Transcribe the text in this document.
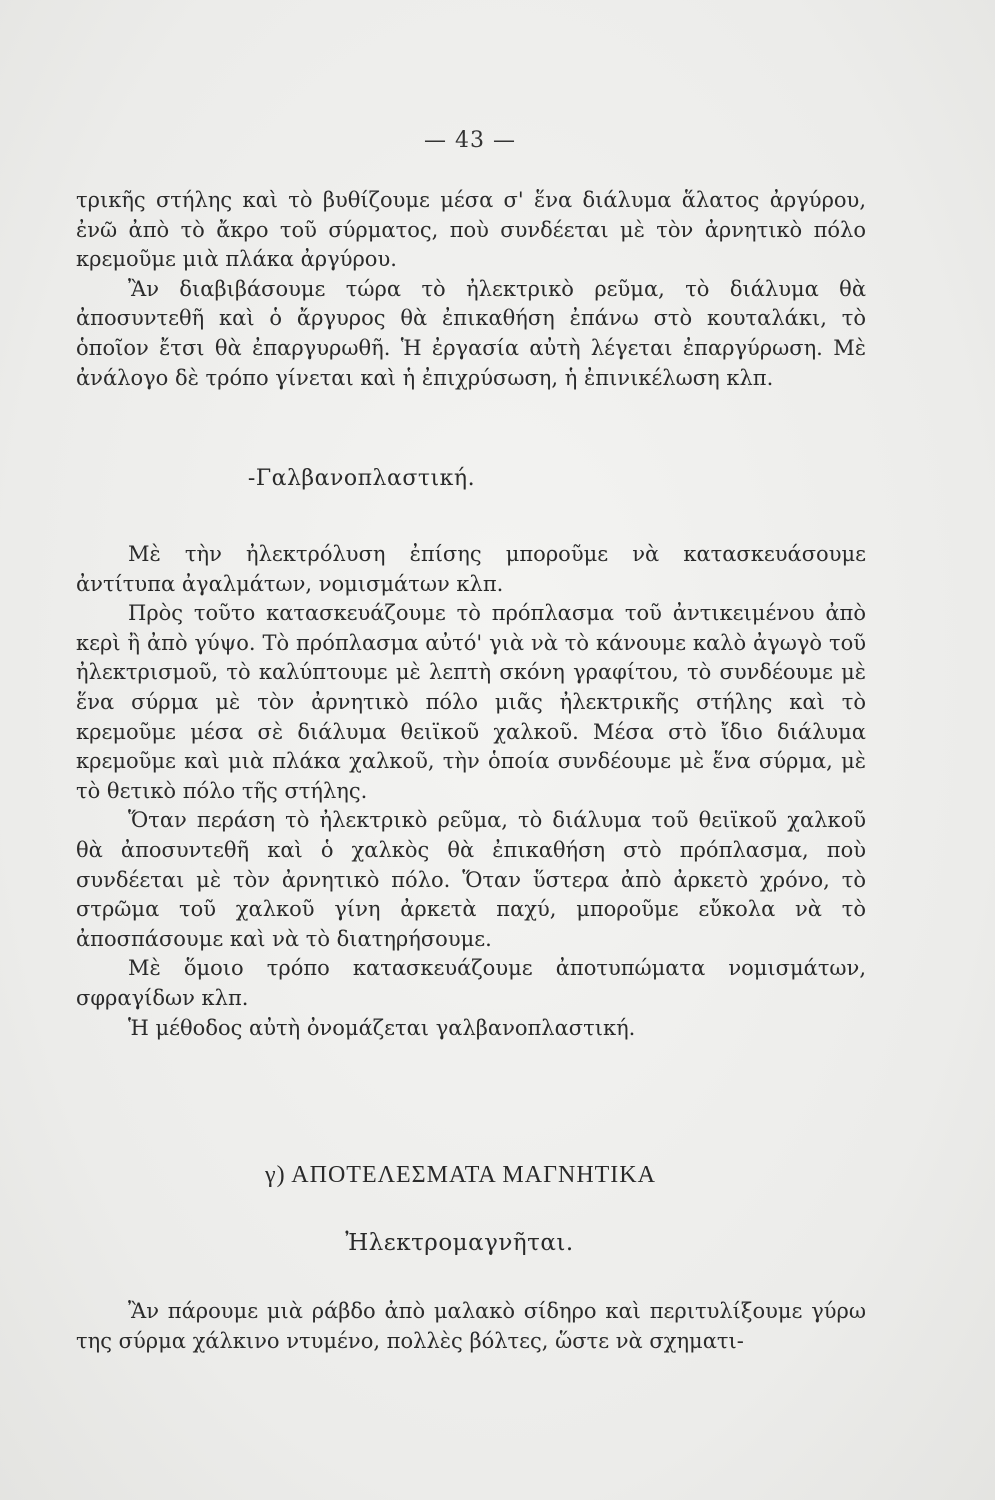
— 43 —

τρικῆς στήλης καὶ τὸ βυθίζουμε μέσα σ' ἕνα διάλυμα ἅλατος ἀργύρου, ἐνῶ ἀπὸ τὸ ἄκρο τοῦ σύρματος, ποὺ συνδέεται μὲ τὸν ἀρνητικὸ πόλο κρεμοῦμε μιὰ πλάκα ἀργύρου.

Ἂν διαβιβάσουμε τώρα τὸ ἠλεκτρικὸ ρεῦμα, τὸ διάλυμα θὰ ἀποσυντεθῆ καὶ ὁ ἄργυρος θὰ ἐπικαθήση ἐπάνω στὸ κουταλάκι, τὸ ὁποῖον ἔτσι θὰ ἐπαργυρωθῆ. Ἡ ἐργασία αὐτὴ λέγεται ἐπαργύρωση. Μὲ ἀνάλογο δὲ τρόπο γίνεται καὶ ἡ ἐπιχρύσωση, ἡ ἐπινικέλωση κλπ.

-Γαλβανοπλαστική.

Μὲ τὴν ἠλεκτρόλυση ἐπίσης μποροῦμε νὰ κατασκευάσουμε ἀντίτυπα ἀγαλμάτων, νομισμάτων κλπ.

Πρὸς τοῦτο κατασκευάζουμε τὸ πρόπλασμα τοῦ ἀντικειμένου ἀπὸ κερὶ ἢ ἀπὸ γύψο. Τὸ πρόπλασμα αὐτό' γιὰ νὰ τὸ κάνουμε καλὸ ἀγωγὸ τοῦ ἠλεκτρισμοῦ, τὸ καλύπτουμε μὲ λεπτὴ σκόνη γραφίτου, τὸ συνδέουμε μὲ ἕνα σύρμα μὲ τὸν ἀρνητικὸ πόλο μιᾶς ἠλεκτρικῆς στήλης καὶ τὸ κρεμοῦμε μέσα σὲ διάλυμα θειϊκοῦ χαλκοῦ. Μέσα στὸ ἴδιο διάλυμα κρεμοῦμε καὶ μιὰ πλάκα χαλκοῦ, τὴν ὁποία συνδέουμε μὲ ἕνα σύρμα, μὲ τὸ θετικὸ πόλο τῆς στήλης.

Ὅταν περάση τὸ ἠλεκτρικὸ ρεῦμα, τὸ διάλυμα τοῦ θειϊκοῦ χαλκοῦ θὰ ἀποσυντεθῆ καὶ ὁ χαλκὸς θὰ ἐπικαθήση στὸ πρόπλασμα, ποὺ συνδέεται μὲ τὸν ἀρνητικὸ πόλο. Ὅταν ὕστερα ἀπὸ ἀρκετὸ χρόνο, τὸ στρῶμα τοῦ χαλκοῦ γίνη ἀρκετὰ παχύ, μποροῦμε εὔκολα νὰ τὸ ἀποσπάσουμε καὶ νὰ τὸ διατηρήσουμε.

Μὲ ὅμοιο τρόπο κατασκευάζουμε ἀποτυπώματα νομισμάτων, σφραγίδων κλπ.

Ἡ μέθοδος αὐτὴ ὀνομάζεται γαλβανοπλαστική.

γ) ΑΠΟΤΕΛΕΣΜΑΤΑ ΜΑΓΝΗΤΙΚΑ
Ἠλεκτρομαγνῆται.

Ἂν πάρουμε μιὰ ράβδο ἀπὸ μαλακὸ σίδηρο καὶ περιτυλίξουμε γύρω της σύρμα χάλκινο ντυμένο, πολλὲς βόλτες, ὥστε νὰ σχηματι-
